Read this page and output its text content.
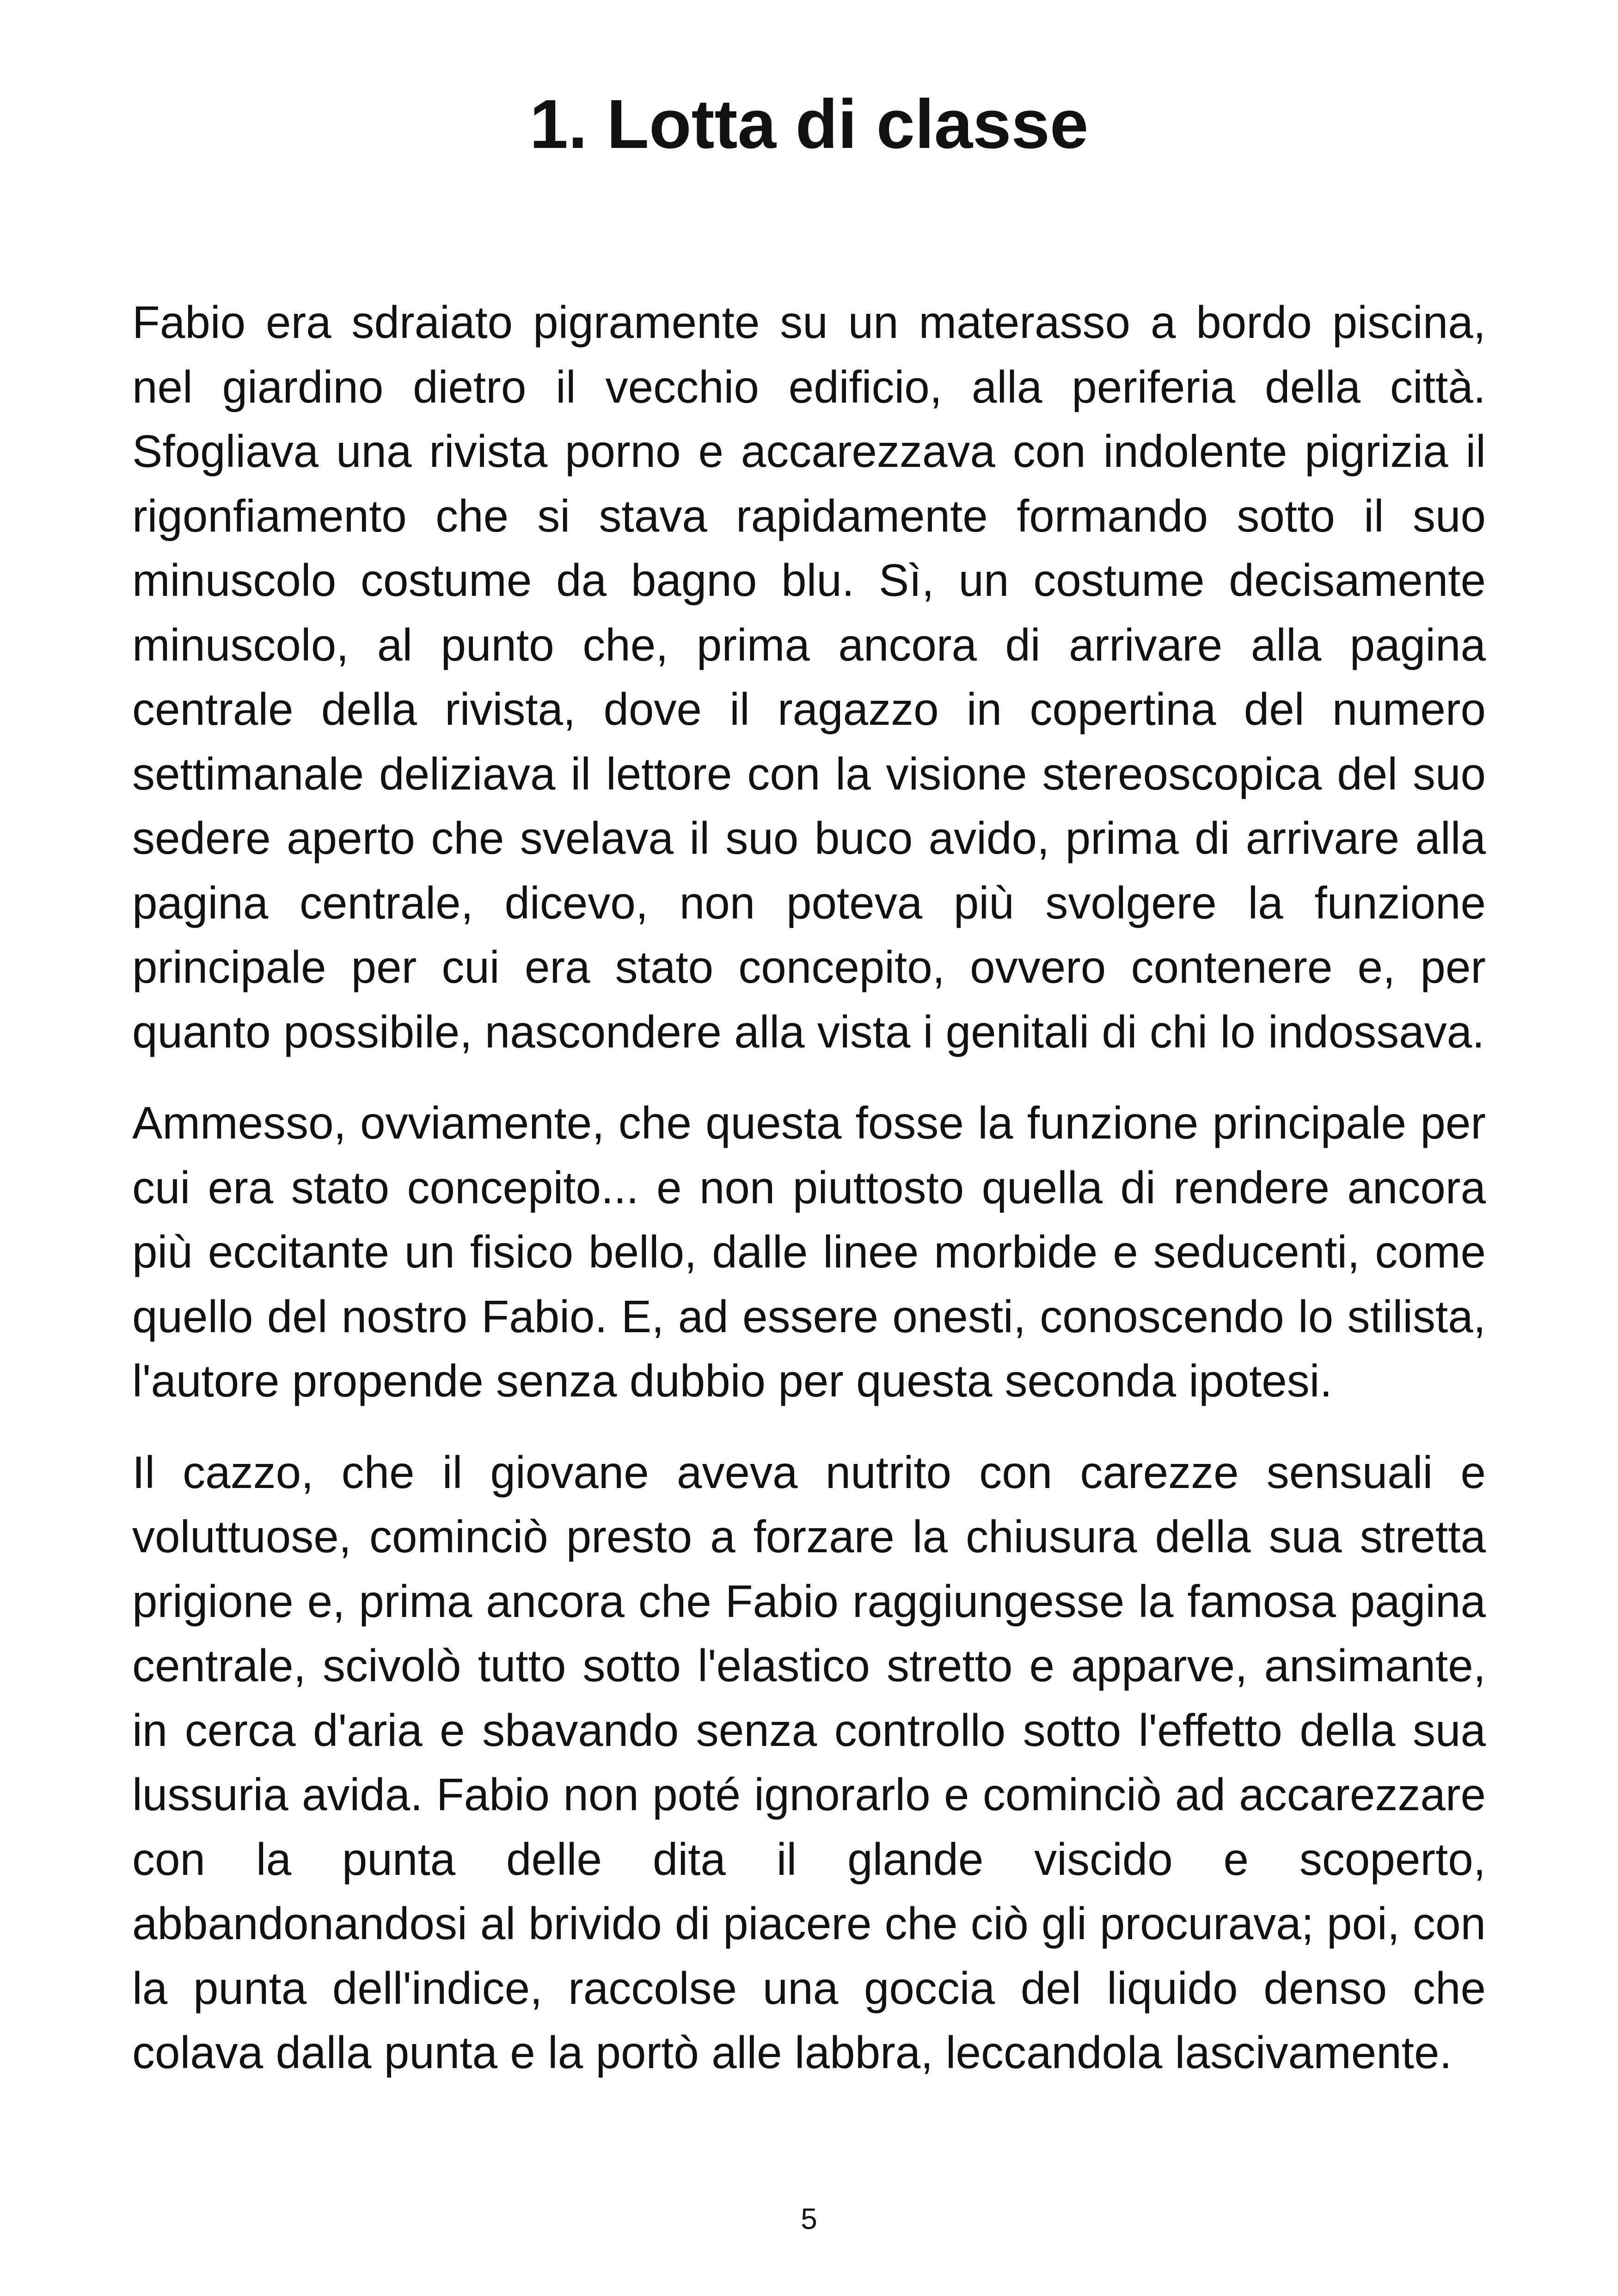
1. Lotta di classe

Fabio era sdraiato pigramente su un materasso a bordo piscina, nel giardino dietro il vecchio edificio, alla periferia della città. Sfogliava una rivista porno e accarezzava con indolente pigrizia il rigonfiamento che si stava rapidamente formando sotto il suo minuscolo costume da bagno blu. Sì, un costume decisamente minuscolo, al punto che, prima ancora di arrivare alla pagina centrale della rivista, dove il ragazzo in copertina del numero settimanale deliziava il lettore con la visione stereoscopica del suo sedere aperto che svelava il suo buco avido, prima di arrivare alla pagina centrale, dicevo, non poteva più svolgere la funzione principale per cui era stato concepito, ovvero contenere e, per quanto possibile, nascondere alla vista i genitali di chi lo indossava.

Ammesso, ovviamente, che questa fosse la funzione principale per cui era stato concepito... e non piuttosto quella di rendere ancora più eccitante un fisico bello, dalle linee morbide e seducenti, come quello del nostro Fabio. E, ad essere onesti, conoscendo lo stilista, l'autore propende senza dubbio per questa seconda ipotesi.

Il cazzo, che il giovane aveva nutrito con carezze sensuali e voluttuose, cominciò presto a forzare la chiusura della sua stretta prigione e, prima ancora che Fabio raggiungesse la famosa pagina centrale, scivolò tutto sotto l'elastico stretto e apparve, ansimante, in cerca d'aria e sbavando senza controllo sotto l'effetto della sua lussuria avida. Fabio non poté ignorarlo e cominciò ad accarezzare con la punta delle dita il glande viscido e scoperto, abbandonandosi al brivido di piacere che ciò gli procurava; poi, con la punta dell'indice, raccolse una goccia del liquido denso che colava dalla punta e la portò alle labbra, leccandola lascivamente.

5
